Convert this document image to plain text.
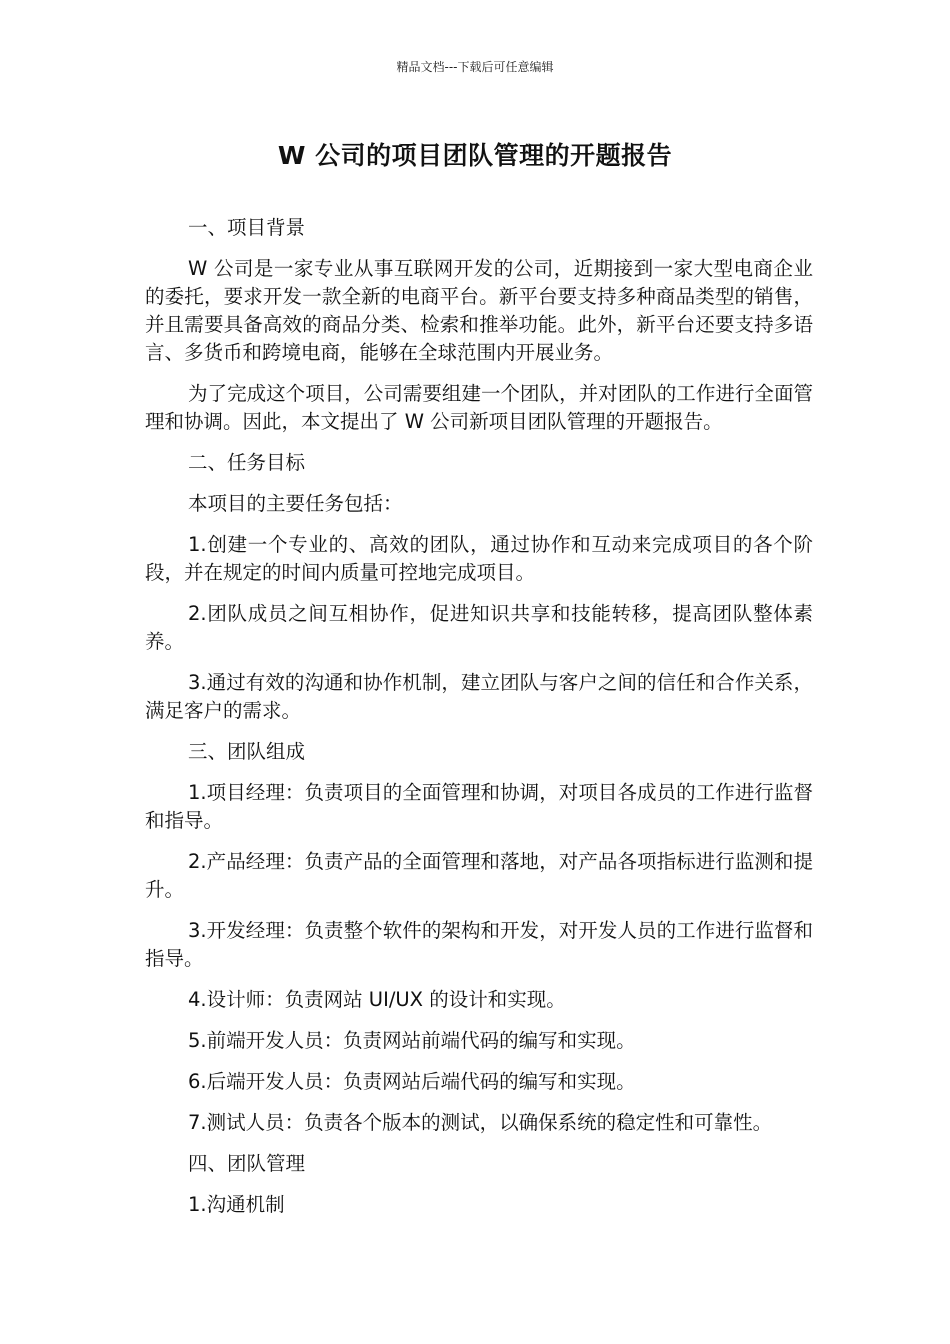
精品文档---下载后可任意编辑
W 公司的项目团队管理的开题报告

一、项目背景

W 公司是一家专业从事互联网开发的公司，近期接到一家大型电商企业的委托，要求开发一款全新的电商平台。新平台要支持多种商品类型的销售，并且需要具备高效的商品分类、检索和推举功能。此外，新平台还要支持多语言、多货币和跨境电商，能够在全球范围内开展业务。

为了完成这个项目，公司需要组建一个团队，并对团队的工作进行全面管理和协调。因此，本文提出了 W 公司新项目团队管理的开题报告。

二、任务目标

本项目的主要任务包括：

1.创建一个专业的、高效的团队，通过协作和互动来完成项目的各个阶段，并在规定的时间内质量可控地完成项目。

2.团队成员之间互相协作，促进知识共享和技能转移，提高团队整体素养。

3.通过有效的沟通和协作机制，建立团队与客户之间的信任和合作关系，满足客户的需求。

三、团队组成

1.项目经理：负责项目的全面管理和协调，对项目各成员的工作进行监督和指导。

2.产品经理：负责产品的全面管理和落地，对产品各项指标进行监测和提升。

3.开发经理：负责整个软件的架构和开发，对开发人员的工作进行监督和指导。

4.设计师：负责网站 UI/UX 的设计和实现。

5.前端开发人员：负责网站前端代码的编写和实现。

6.后端开发人员：负责网站后端代码的编写和实现。

7.测试人员：负责各个版本的测试，以确保系统的稳定性和可靠性。

四、团队管理

1.沟通机制
